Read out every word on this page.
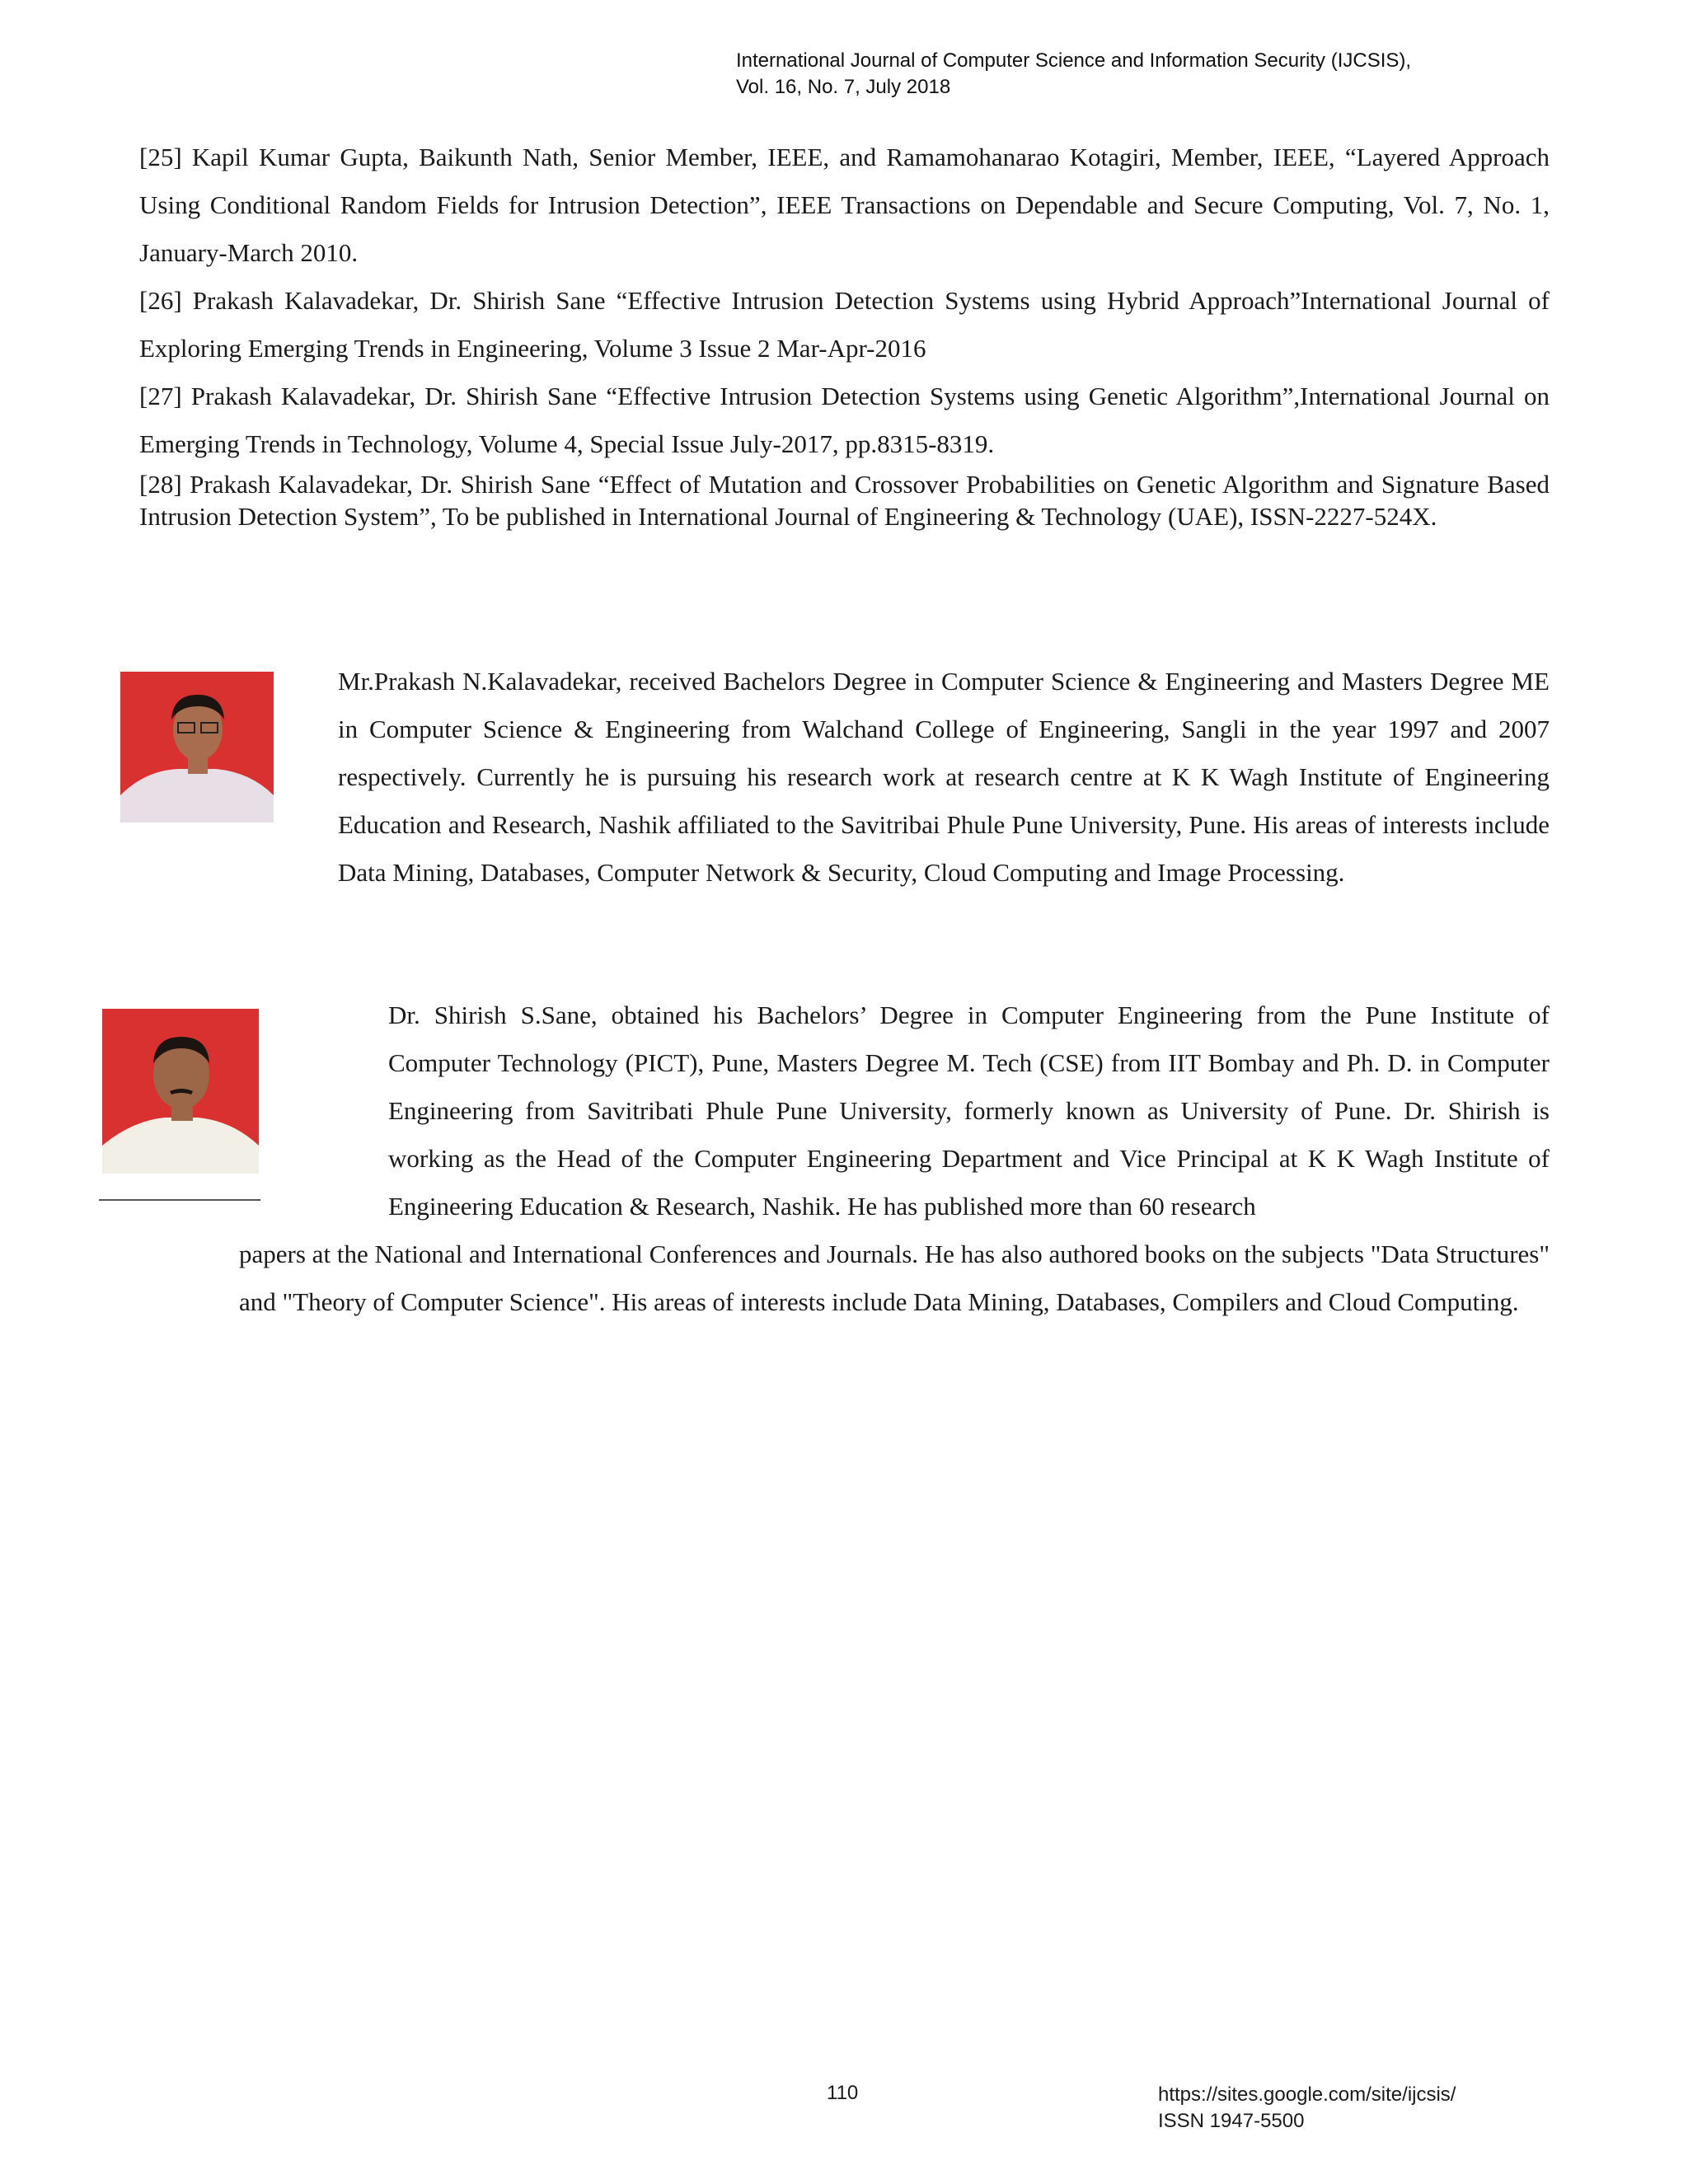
International Journal of Computer Science and Information Security (IJCSIS),
Vol. 16, No. 7, July 2018

[25] Kapil Kumar Gupta, Baikunth Nath, Senior Member, IEEE, and Ramamohanarao Kotagiri, Member, IEEE, “Layered Approach Using Conditional Random Fields for Intrusion Detection”, IEEE Transactions on Dependable and Secure Computing, Vol. 7, No. 1, January-March 2010.

[26] Prakash Kalavadekar, Dr. Shirish Sane “Effective Intrusion Detection Systems using Hybrid Approach”International Journal of Exploring Emerging Trends in Engineering, Volume 3 Issue 2 Mar-Apr-2016

[27] Prakash Kalavadekar, Dr. Shirish Sane “Effective Intrusion Detection Systems using Genetic Algorithm”,International Journal on Emerging Trends in Technology, Volume 4, Special Issue July-2017, pp.8315-8319.

[28] Prakash Kalavadekar, Dr. Shirish Sane “Effect of Mutation and Crossover Probabilities on Genetic Algorithm and Signature Based Intrusion Detection System”, To be published in International Journal of Engineering & Technology (UAE), ISSN-2227-524X.

Mr.Prakash N.Kalavadekar, received Bachelors Degree in Computer Science & Engineering and Masters Degree ME in Computer Science & Engineering from Walchand College of Engineering, Sangli in the year 1997 and 2007 respectively. Currently he is pursuing his research work at research centre at K K Wagh Institute of Engineering Education and Research, Nashik affiliated to the Savitribai Phule Pune University, Pune. His areas of interests include Data Mining, Databases, Computer Network & Security, Cloud Computing and Image Processing.

Dr. Shirish S.Sane, obtained his Bachelors’ Degree in Computer Engineering from the Pune Institute of Computer Technology (PICT), Pune, Masters Degree M. Tech (CSE) from IIT Bombay and Ph. D. in Computer Engineering from Savitribati Phule Pune University, formerly known as University of Pune. Dr. Shirish is working as the Head of the Computer Engineering Department and Vice Principal at K K Wagh Institute of Engineering Education & Research, Nashik. He has published more than 60 research

papers at the National and International Conferences and Journals. He has also authored books on the subjects "Data Structures" and "Theory of Computer Science". His areas of interests include Data Mining, Databases, Compilers and Cloud Computing.

110	https://sites.google.com/site/ijcsis/
ISSN 1947-5500
